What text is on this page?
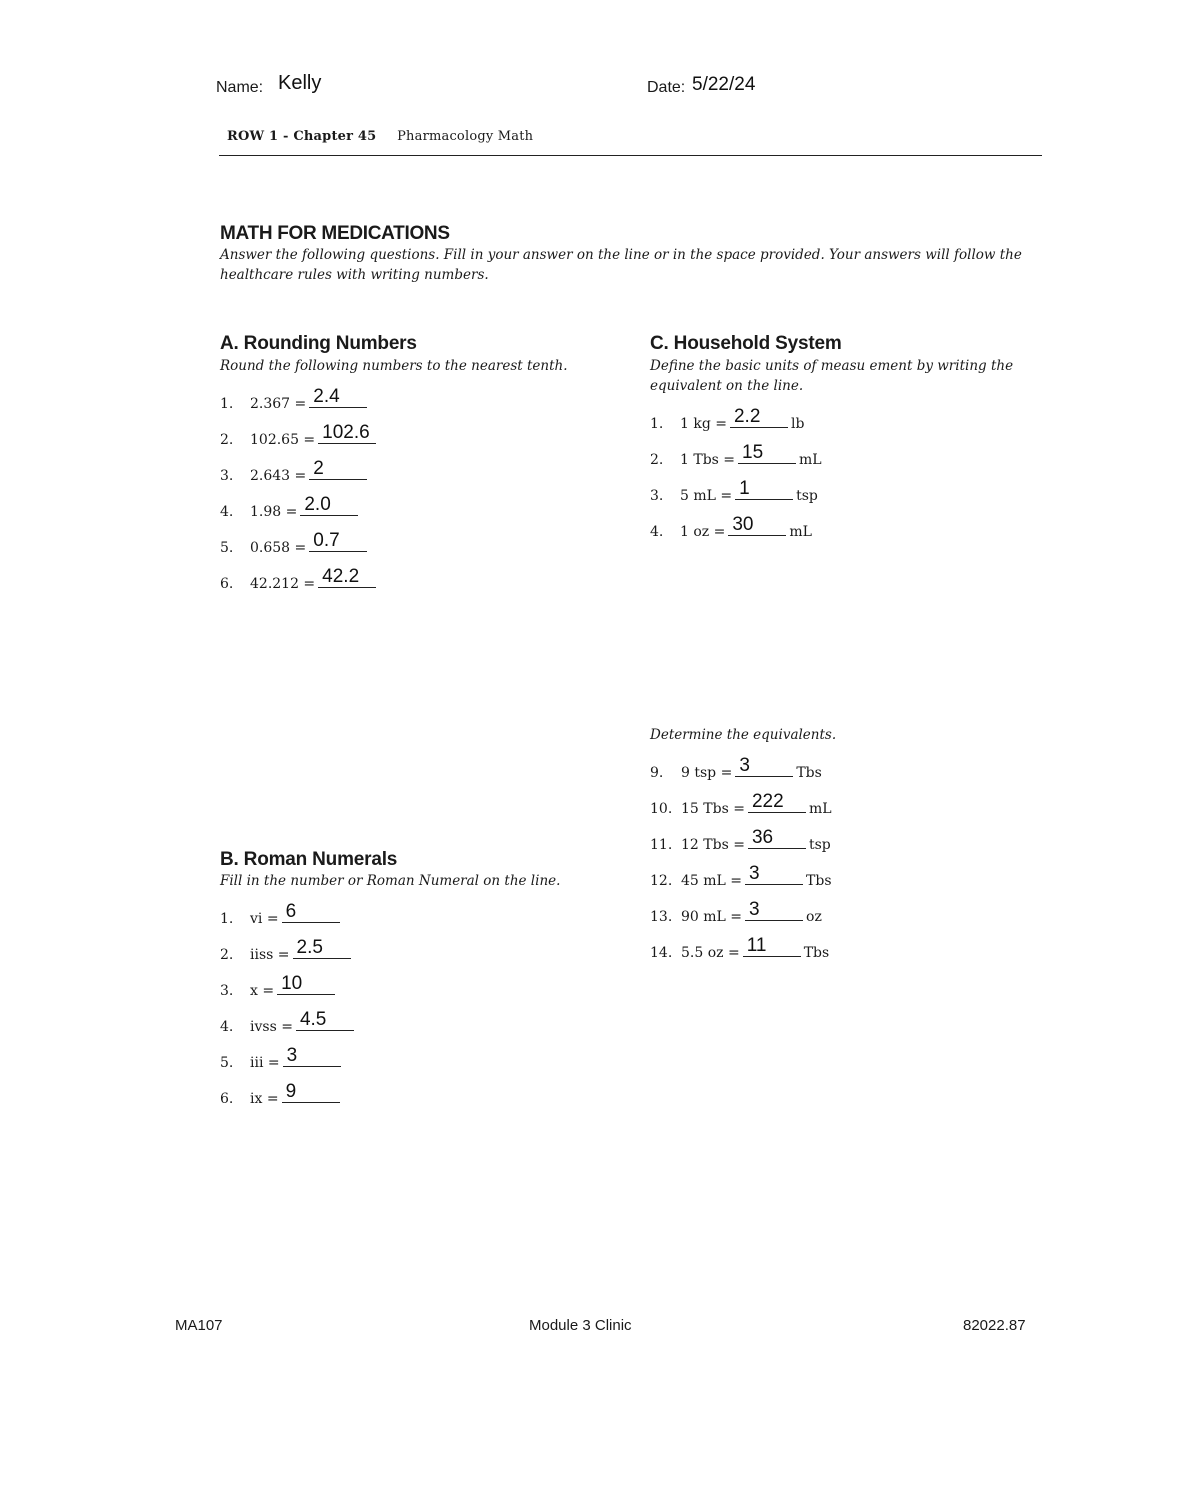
Name: Kelly	Date: 5/22/24
ROW 1 - Chapter 45 Pharmacology Math
MATH FOR MEDICATIONS
Answer the following questions. Fill in your answer on the line or in the space provided. Your answers will follow the healthcare rules with writing numbers.
A. Rounding Numbers
Round the following numbers to the nearest tenth.
1. 2.367 = 2.4
2. 102.65 = 102.6
3. 2.643 = 2
4. 1.98 = 2.0
5. 0.658 = 0.7
6. 42.212 = 42.2
C. Household System
Define the basic units of measu ement by writing the equivalent on the line.
1. 1 kg = 2.2 lb
2. 1 Tbs = 15	mL
3. 5 mL = 1	tsp
4. 1 oz = 30	mL
Determine the equivalents.
9. 9 tsp = 3	Tbs
10. 15 Tbs = 222 mL
11. 12 Tbs = 36	tsp
12. 45 mL = 3	Tbs
13. 90 mL = 3	oz
14. 5.5 oz = 11	Tbs
B. Roman Numerals
Fill in the number or Roman Numeral on the line.
1. vi = 6
2. iiss = 2.5
3. x = 10
4. ivss = 4.5
5. iii = 3
6. ix = 9
MA107	Module 3 Clinic	82022.87
